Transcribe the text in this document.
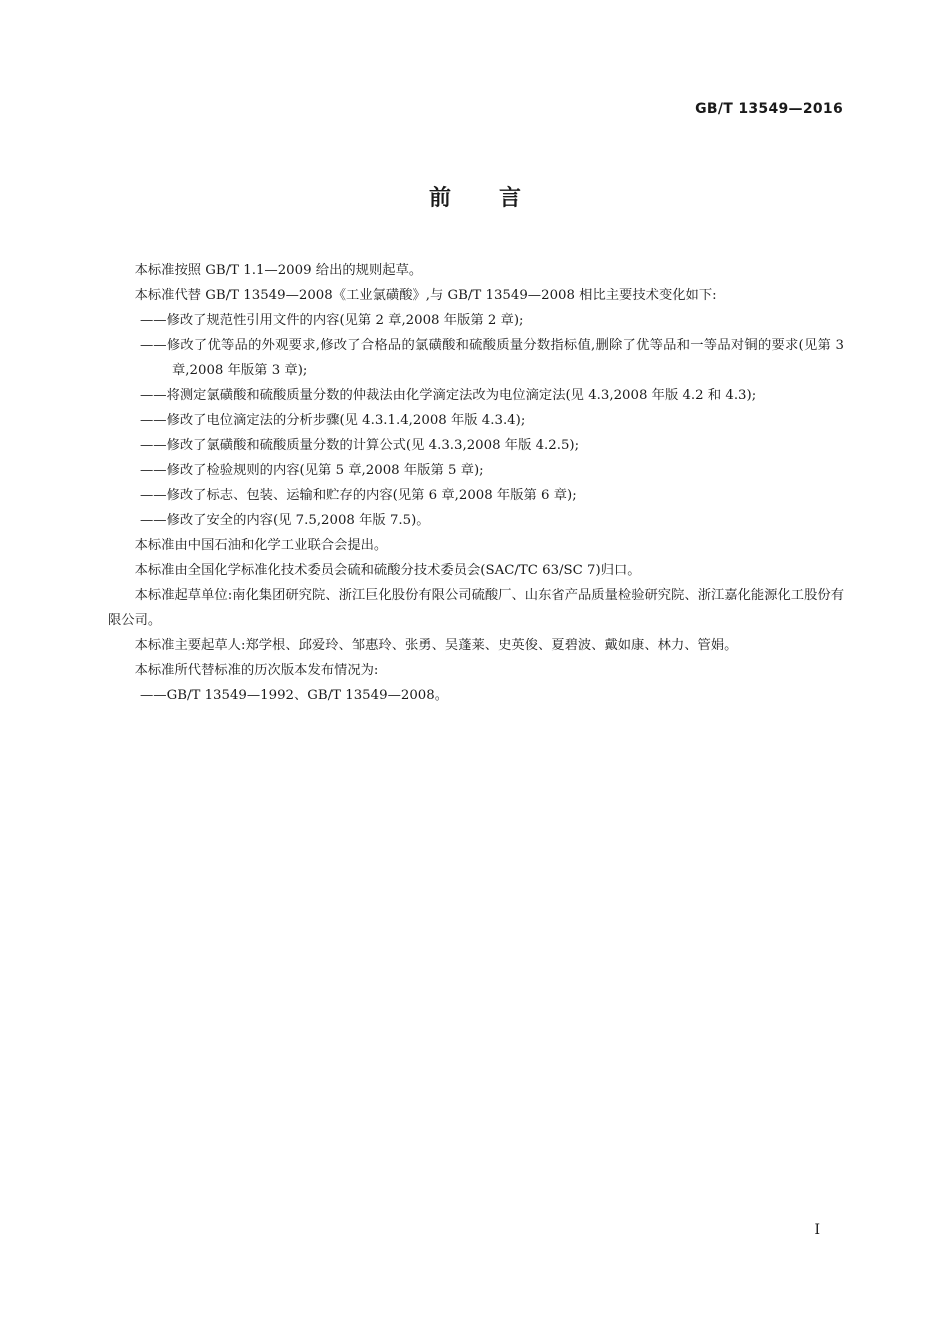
GB/T 13549—2016
前言

本标准按照 GB/T 1.1—2009 给出的规则起草。

本标准代替 GB/T 13549—2008《工业氯磺酸》,与 GB/T 13549—2008 相比主要技术变化如下:

——修改了规范性引用文件的内容(见第 2 章,2008 年版第 2 章);

——修改了优等品的外观要求,修改了合格品的氯磺酸和硫酸质量分数指标值,删除了优等品和一等品对铜的要求(见第 3 章,2008 年版第 3 章);

——将测定氯磺酸和硫酸质量分数的仲裁法由化学滴定法改为电位滴定法(见 4.3,2008 年版 4.2 和 4.3);

——修改了电位滴定法的分析步骤(见 4.3.1.4,2008 年版 4.3.4);

——修改了氯磺酸和硫酸质量分数的计算公式(见 4.3.3,2008 年版 4.2.5);

——修改了检验规则的内容(见第 5 章,2008 年版第 5 章);

——修改了标志、包装、运输和贮存的内容(见第 6 章,2008 年版第 6 章);

——修改了安全的内容(见 7.5,2008 年版 7.5)。

本标准由中国石油和化学工业联合会提出。

本标准由全国化学标准化技术委员会硫和硫酸分技术委员会(SAC/TC 63/SC 7)归口。

本标准起草单位:南化集团研究院、浙江巨化股份有限公司硫酸厂、山东省产品质量检验研究院、浙江嘉化能源化工股份有限公司。

本标准主要起草人:郑学根、邱爱玲、邹惠玲、张勇、吴蓬莱、史英俊、夏碧波、戴如康、林力、管娟。

本标准所代替标准的历次版本发布情况为:

——GB/T 13549—1992、GB/T 13549—2008。

I
